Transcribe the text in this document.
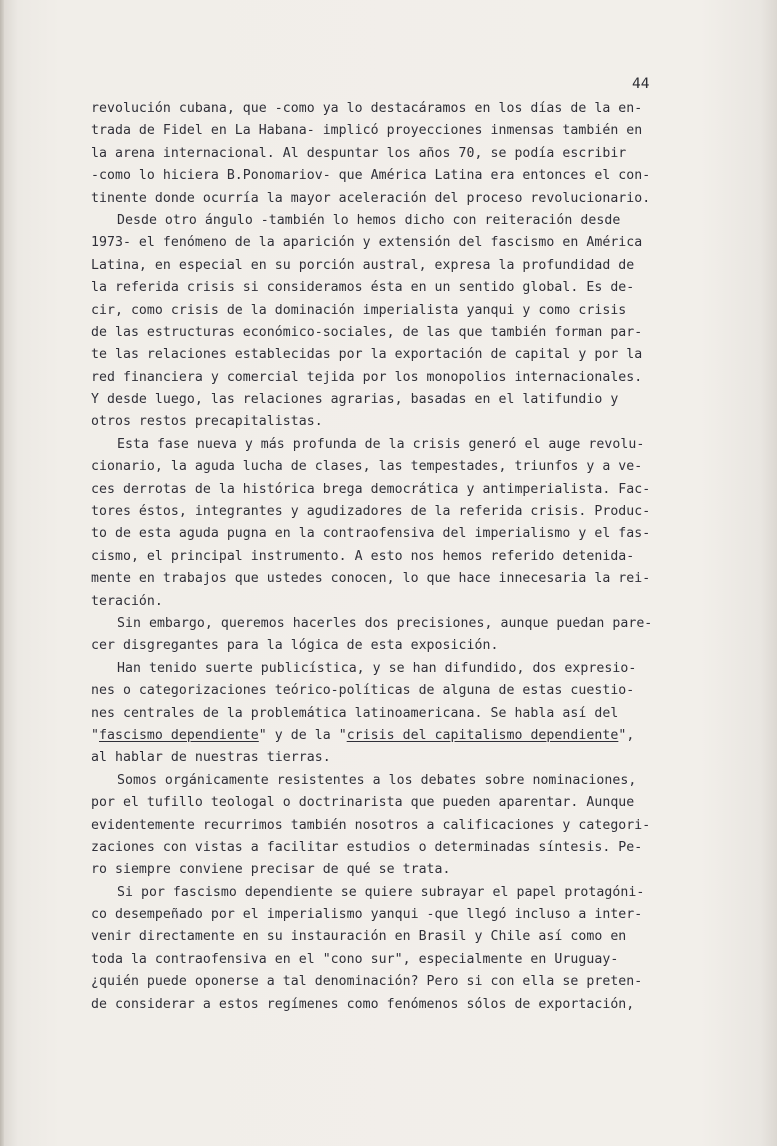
44
revolución cubana, que -como ya lo destacáramos en los días de la en-
trada de Fidel en La Habana- implicó proyecciones inmensas también en
la arena internacional. Al despuntar los años 70, se podía escribir
-como lo hiciera B.Ponomariov- que América Latina era entonces el con-
tinente donde ocurría la mayor aceleración del proceso revolucionario.
Desde otro ángulo -también lo hemos dicho con reiteración desde
1973- el fenómeno de la aparición y extensión del fascismo en América
Latina, en especial en su porción austral, expresa la profundidad de
la referida crisis si consideramos ésta en un sentido global. Es de-
cir, como crisis de la dominación imperialista yanqui y como crisis
de las estructuras económico-sociales, de las que también forman par-
te las relaciones establecidas por la exportación de capital y por la
red financiera y comercial tejida por los monopolios internacionales.
Y desde luego, las relaciones agrarias, basadas en el latifundio y
otros restos precapitalistas.
Esta fase nueva y más profunda de la crisis generó el auge revolu-
cionario, la aguda lucha de clases, las tempestades, triunfos y a ve-
ces derrotas de la histórica brega democrática y antimperialista. Fac-
tores éstos, integrantes y agudizadores de la referida crisis. Produc-
to de esta aguda pugna en la contraofensiva del imperialismo y el fas-
cismo, el principal instrumento. A esto nos hemos referido detenida-
mente en trabajos que ustedes conocen, lo que hace innecesaria la rei-
teración.
Sin embargo, queremos hacerles dos precisiones, aunque puedan pare-
cer disgregantes para la lógica de esta exposición.
Han tenido suerte publicística, y se han difundido, dos expresio-
nes o categorizaciones teórico-políticas de alguna de estas cuestio-
nes centrales de la problemática latinoamericana. Se habla así del
"fascismo dependiente" y de la "crisis del capitalismo dependiente",
al hablar de nuestras tierras.
Somos orgánicamente resistentes a los debates sobre nominaciones,
por el tufillo teologal o doctrinarista que pueden aparentar. Aunque
evidentemente recurrimos también nosotros a calificaciones y categori-
zaciones con vistas a facilitar estudios o determinadas síntesis. Pe-
ro siempre conviene precisar de qué se trata.
Si por fascismo dependiente se quiere subrayar el papel protagóni-
co desempeñado por el imperialismo yanqui -que llegó incluso a inter-
venir directamente en su instauración en Brasil y Chile así como en
toda la contraofensiva en el "cono sur", especialmente en Uruguay-
¿quién puede oponerse a tal denominación? Pero si con ella se preten-
de considerar a estos regímenes como fenómenos sólos de exportación,
